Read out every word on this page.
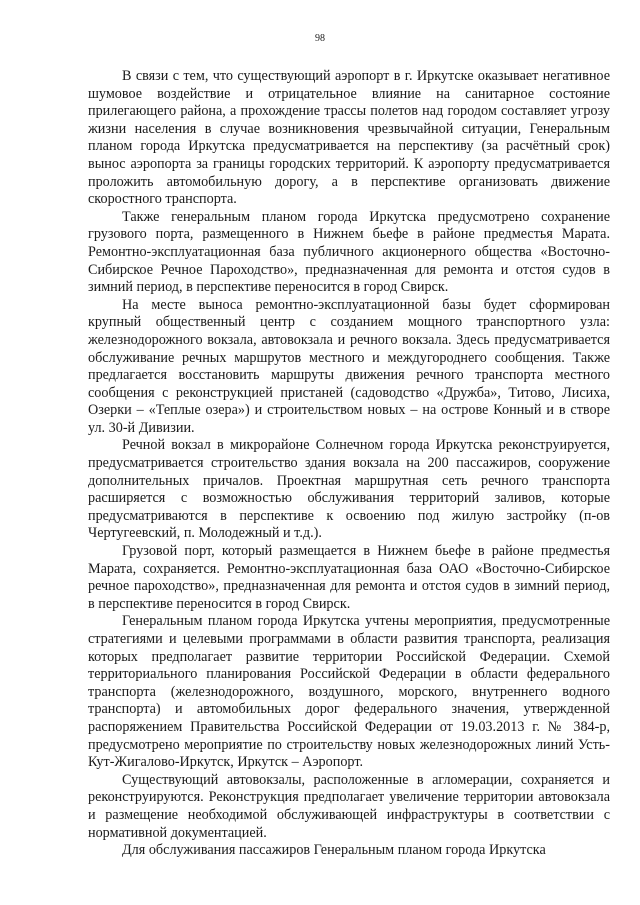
98

В связи с тем, что существующий аэропорт в г. Иркутске оказывает негативное шумовое воздействие и отрицательное влияние на санитарное состояние прилегающего района, а прохождение трассы полетов над городом составляет угрозу жизни населения в случае возникновения чрезвычайной ситуации, Генеральным планом города Иркутска предусматривается на перспективу (за расчётный срок) вынос аэропорта за границы городских территорий. К аэропорту предусматривается проложить автомобильную дорогу, а в перспективе организовать движение скоростного транспорта.

Также генеральным планом города Иркутска предусмотрено сохранение грузового порта, размещенного в Нижнем бьефе в районе предместья Марата. Ремонтно-эксплуатационная база публичного акционерного общества «Восточно-Сибирское Речное Пароходство», предназначенная для ремонта и отстоя судов в зимний период, в перспективе переносится в город Свирск.

На месте выноса ремонтно-эксплуатационной базы будет сформирован крупный общественный центр с созданием мощного транспортного узла: железнодорожного вокзала, автовокзала и речного вокзала. Здесь предусматривается обслуживание речных маршрутов местного и междугороднего сообщения. Также предлагается восстановить маршруты движения речного транспорта местного сообщения с реконструкцией пристаней (садоводство «Дружба», Титово, Лисиха, Озерки – «Теплые озера») и строительством новых – на острове Конный и в створе ул. 30-й Дивизии.

Речной вокзал в микрорайоне Солнечном города Иркутска реконструируется, предусматривается строительство здания вокзала на 200 пассажиров, сооружение дополнительных причалов. Проектная маршрутная сеть речного транспорта расширяется с возможностью обслуживания территорий заливов, которые предусматриваются в перспективе к освоению под жилую застройку (п-ов Чертугеевский, п. Молодежный и т.д.).

Грузовой порт, который размещается в Нижнем бьефе в районе предместья Марата, сохраняется. Ремонтно-эксплуатационная база ОАО «Восточно-Сибирское речное пароходство», предназначенная для ремонта и отстоя судов в зимний период, в перспективе переносится в город Свирск.

Генеральным планом города Иркутска учтены мероприятия, предусмотренные стратегиями и целевыми программами в области развития транспорта, реализация которых предполагает развитие территории Российской Федерации. Схемой территориального планирования Российской Федерации в области федерального транспорта (железнодорожного, воздушного, морского, внутреннего водного транспорта) и автомобильных дорог федерального значения, утвержденной распоряжением Правительства Российской Федерации от 19.03.2013 г. № 384-р, предусмотрено мероприятие по строительству новых железнодорожных линий Усть-Кут-Жигалово-Иркутск, Иркутск – Аэропорт.

Существующий автовокзалы, расположенные в агломерации, сохраняется и реконструируются. Реконструкция предполагает увеличение территории автовокзала и размещение необходимой обслуживающей инфраструктуры в соответствии с нормативной документацией.

Для обслуживания пассажиров Генеральным планом города Иркутска
